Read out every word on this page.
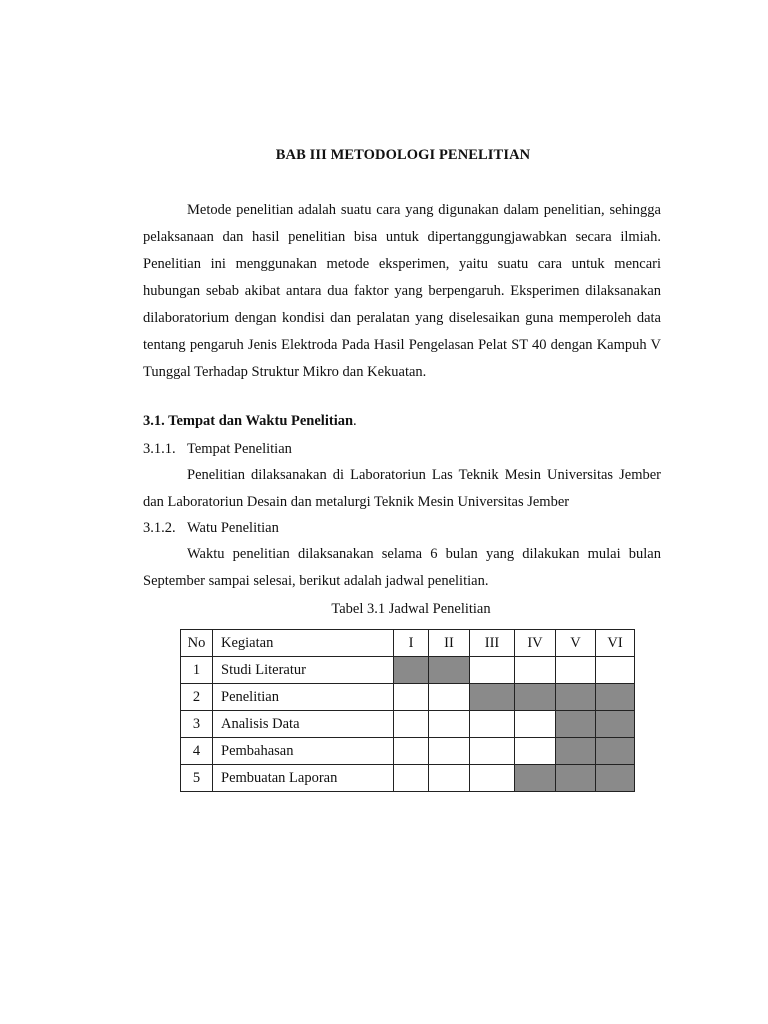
BAB III METODOLOGI PENELITIAN

Metode penelitian adalah suatu cara yang digunakan dalam penelitian, sehingga pelaksanaan dan hasil penelitian bisa untuk dipertanggungjawabkan secara ilmiah. Penelitian ini menggunakan metode eksperimen, yaitu suatu cara untuk mencari hubungan sebab akibat antara dua faktor yang berpengaruh. Eksperimen dilaksanakan dilaboratorium dengan kondisi dan peralatan yang diselesaikan guna memperoleh data tentang pengaruh Jenis Elektroda Pada Hasil Pengelasan Pelat ST 40 dengan Kampuh V Tunggal Terhadap Struktur Mikro dan Kekuatan.

3.1. Tempat dan Waktu Penelitian.

3.1.1. Tempat Penelitian

Penelitian dilaksanakan di Laboratoriun Las Teknik Mesin Universitas Jember dan Laboratoriun Desain dan metalurgi Teknik Mesin Universitas Jember

3.1.2. Watu Penelitian

Waktu penelitian dilaksanakan selama 6 bulan yang dilakukan mulai bulan September sampai selesai, berikut adalah jadwal penelitian.

Tabel 3.1 Jadwal Penelitian
No	Kegiatan	I	II	III	IV	V	VI
1	Studi Literatur						
2	Penelitian						
3	Analisis Data						
4	Pembahasan						
5	Pembuatan Laporan						
